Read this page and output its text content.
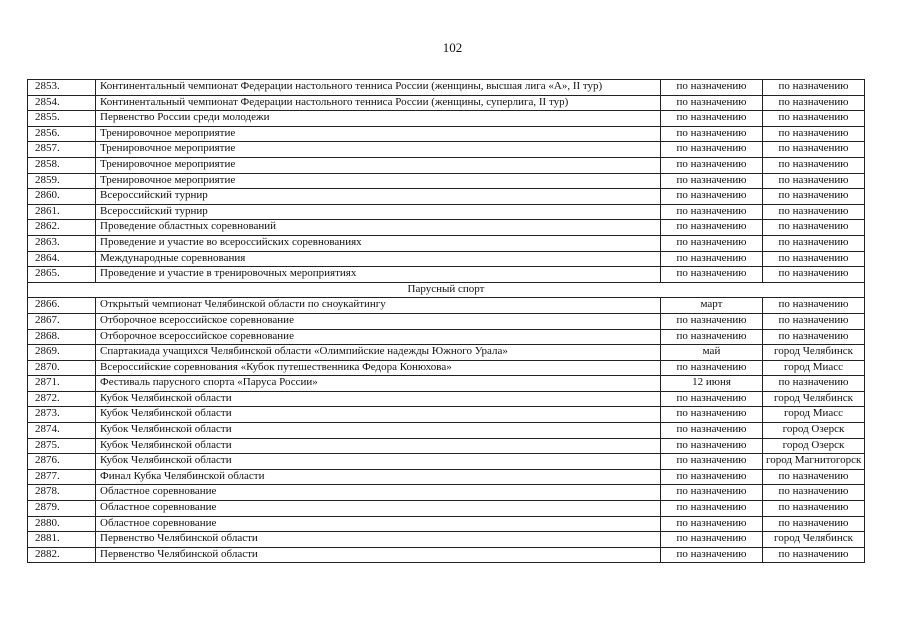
102
2853.	Континентальный чемпионат Федерации настольного тенниса России (женщины, высшая лига «А», II тур)	по назначению	по назначению
2854.	Континентальный чемпионат Федерации настольного тенниса России (женщины, суперлига, II тур)	по назначению	по назначению
2855.	Первенство России среди молодежи	по назначению	по назначению
2856.	Тренировочное мероприятие	по назначению	по назначению
2857.	Тренировочное мероприятие	по назначению	по назначению
2858.	Тренировочное мероприятие	по назначению	по назначению
2859.	Тренировочное мероприятие	по назначению	по назначению
2860.	Всероссийский турнир	по назначению	по назначению
2861.	Всероссийский турнир	по назначению	по назначению
2862.	Проведение областных соревнований	по назначению	по назначению
2863.	Проведение и участие во всероссийских соревнованиях	по назначению	по назначению
2864.	Международные соревнования	по назначению	по назначению
2865.	Проведение и участие в тренировочных мероприятиях	по назначению	по назначению
Парусный спорт			
2866.	Открытый чемпионат Челябинской области по сноукайтингу	март	по назначению
2867.	Отборочное всероссийское соревнование	по назначению	по назначению
2868.	Отборочное всероссийское соревнование	по назначению	по назначению
2869.	Спартакиада учащихся Челябинской области «Олимпийские надежды Южного Урала»	май	город Челябинск
2870.	Всероссийские соревнования «Кубок путешественника Федора Конюхова»	по назначению	город Миасс
2871.	Фестиваль парусного спорта «Паруса России»	12 июня	по назначению
2872.	Кубок Челябинской области	по назначению	город Челябинск
2873.	Кубок Челябинской области	по назначению	город Миасс
2874.	Кубок Челябинской области	по назначению	город Озерск
2875.	Кубок Челябинской области	по назначению	город Озерск
2876.	Кубок Челябинской области	по назначению	город Магнитогорск
2877.	Финал Кубка Челябинской области	по назначению	по назначению
2878.	Областное соревнование	по назначению	по назначению
2879.	Областное соревнование	по назначению	по назначению
2880.	Областное соревнование	по назначению	по назначению
2881.	Первенство Челябинской области	по назначению	город Челябинск
2882.	Первенство Челябинской области	по назначению	по назначению
